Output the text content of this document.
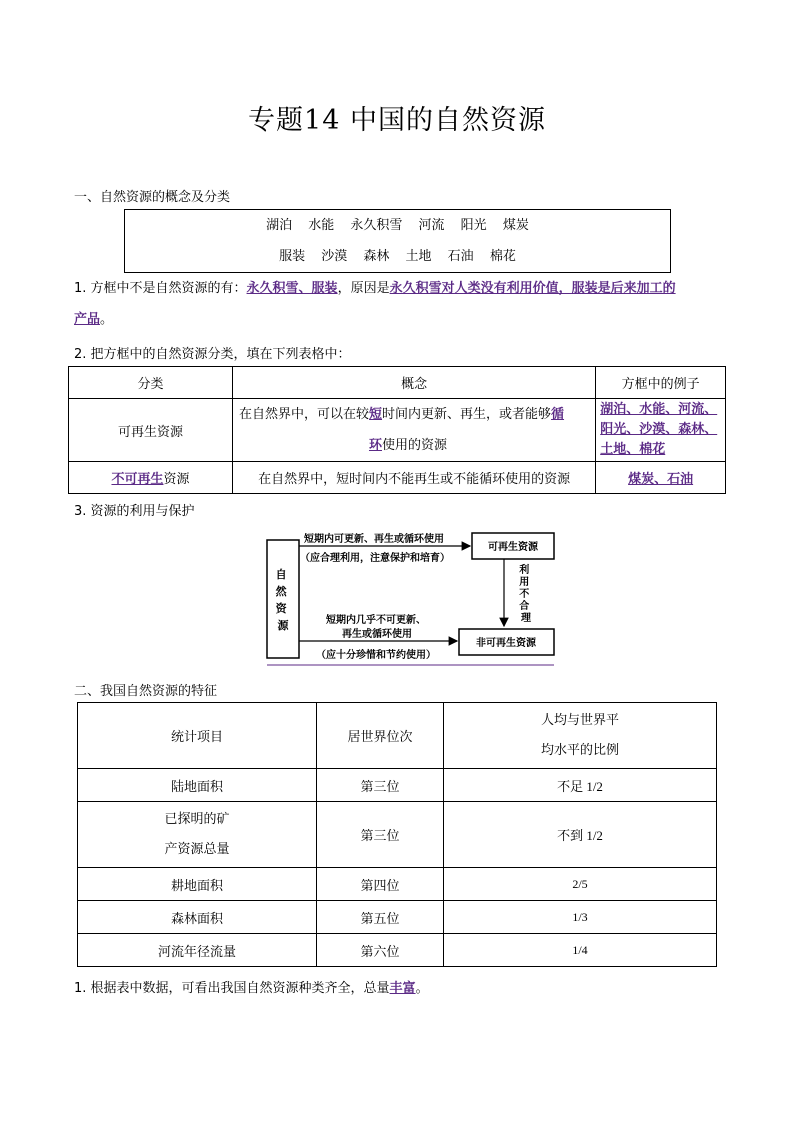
专题14 中国的自然资源
一、自然资源的概念及分类
湖泊 水能 永久积雪 河流 阳光 煤炭
服装 沙漠 森林 土地 石油 棉花
1. 方框中不是自然资源的有：永久积雪、服装，原因是永久积雪对人类没有利用价值，服装是后来加工的
产品。
2. 把方框中的自然资源分类，填在下列表格中：
分类	概念	方框中的例子
可再生资源	在自然界中，可以在较短时间内更新、再生，或者能够循
环使用的资源	湖泊、水能、河流、
阳光、沙漠、森林、
土地、棉花
不可再生资源	在自然界中，短时间内不能再生或不能循环使用的资源	煤炭、石油
3. 资源的利用与保护
自 然 资 源
短期内可更新、再生或循环使用
（应合理利用，注意保护和培育）
可再生资源
利 用 不 合 理
短期内几乎不可更新、
再生或循环使用
（应十分珍惜和节约使用）
非可再生资源
二、我国自然资源的特征
统计项目	居世界位次	人均与世界平
均水平的比例
陆地面积	第三位	不足 1/2
已探明的矿
产资源总量	第三位	不到 1/2
耕地面积	第四位	2/5
森林面积	第五位	1/3
河流年径流量	第六位	1/4
1. 根据表中数据，可看出我国自然资源种类齐全，总量丰富。
